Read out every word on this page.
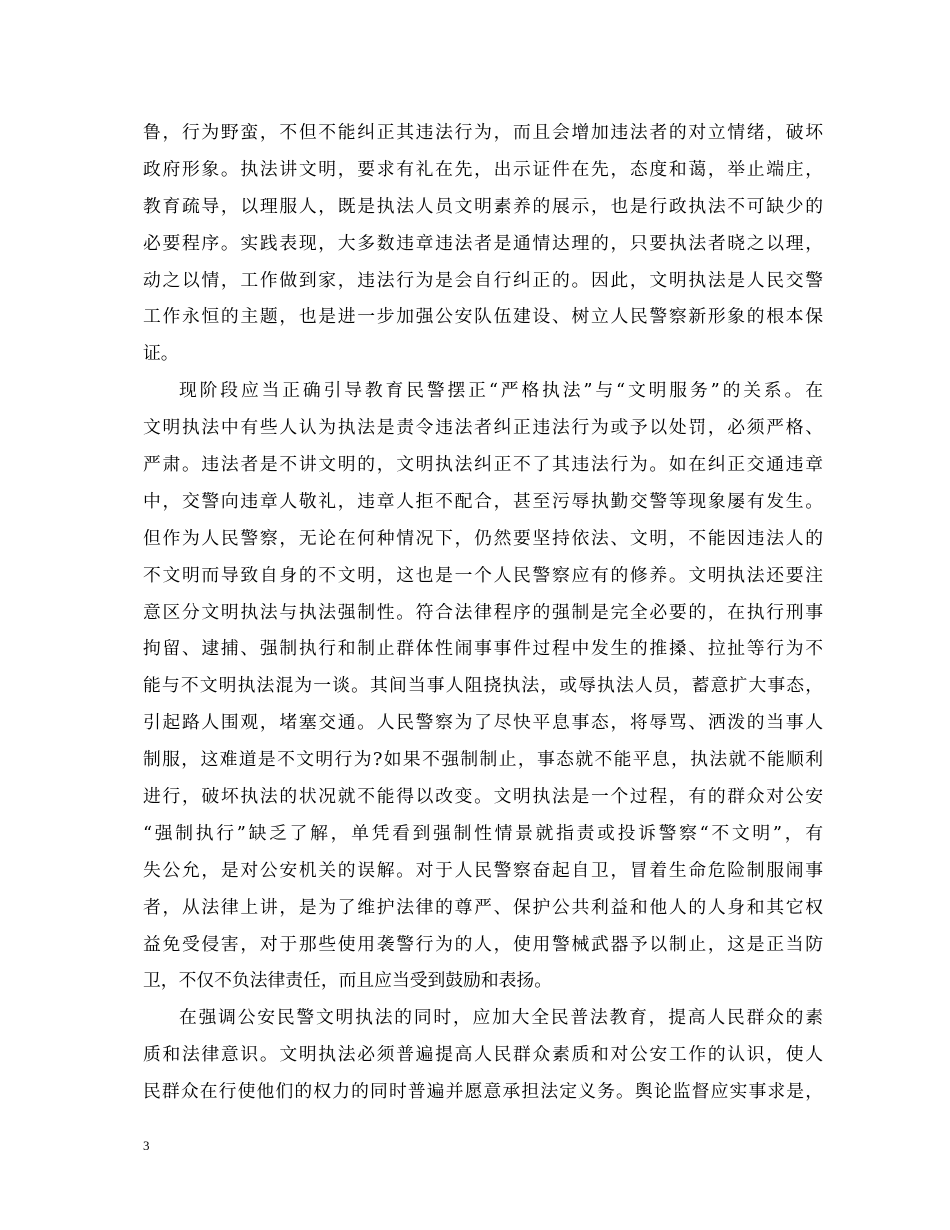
鲁，行为野蛮，不但不能纠正其违法行为，而且会增加违法者的对立情绪，破坏
政府形象。执法讲文明，要求有礼在先，出示证件在先，态度和蔼，举止端庄，
教育疏导，以理服人，既是执法人员文明素养的展示，也是行政执法不可缺少的
必要程序。实践表现，大多数违章违法者是通情达理的，只要执法者晓之以理，
动之以情，工作做到家，违法行为是会自行纠正的。因此，文明执法是人民交警
工作永恒的主题，也是进一步加强公安队伍建设、树立人民警察新形象的根本保
证。
现阶段应当正确引导教育民警摆正“严格执法”与“文明服务”的关系。在
文明执法中有些人认为执法是责令违法者纠正违法行为或予以处罚，必须严格、
严肃。违法者是不讲文明的，文明执法纠正不了其违法行为。如在纠正交通违章
中，交警向违章人敬礼，违章人拒不配合，甚至污辱执勤交警等现象屡有发生。
但作为人民警察，无论在何种情况下，仍然要坚持依法、文明，不能因违法人的
不文明而导致自身的不文明，这也是一个人民警察应有的修养。文明执法还要注
意区分文明执法与执法强制性。符合法律程序的强制是完全必要的，在执行刑事
拘留、逮捕、强制执行和制止群体性闹事事件过程中发生的推搡、拉扯等行为不
能与不文明执法混为一谈。其间当事人阻挠执法，或辱执法人员，蓄意扩大事态，
引起路人围观，堵塞交通。人民警察为了尽快平息事态，将辱骂、洒泼的当事人
制服，这难道是不文明行为?如果不强制制止，事态就不能平息，执法就不能顺利
进行，破坏执法的状况就不能得以改变。文明执法是一个过程，有的群众对公安
“强制执行”缺乏了解，单凭看到强制性情景就指责或投诉警察“不文明”，有
失公允，是对公安机关的误解。对于人民警察奋起自卫，冒着生命危险制服闹事
者，从法律上讲，是为了维护法律的尊严、保护公共利益和他人的人身和其它权
益免受侵害，对于那些使用袭警行为的人，使用警械武器予以制止，这是正当防
卫，不仅不负法律责任，而且应当受到鼓励和表扬。
在强调公安民警文明执法的同时，应加大全民普法教育，提高人民群众的素
质和法律意识。文明执法必须普遍提高人民群众素质和对公安工作的认识，使人
民群众在行使他们的权力的同时普遍并愿意承担法定义务。舆论监督应实事求是，
3
